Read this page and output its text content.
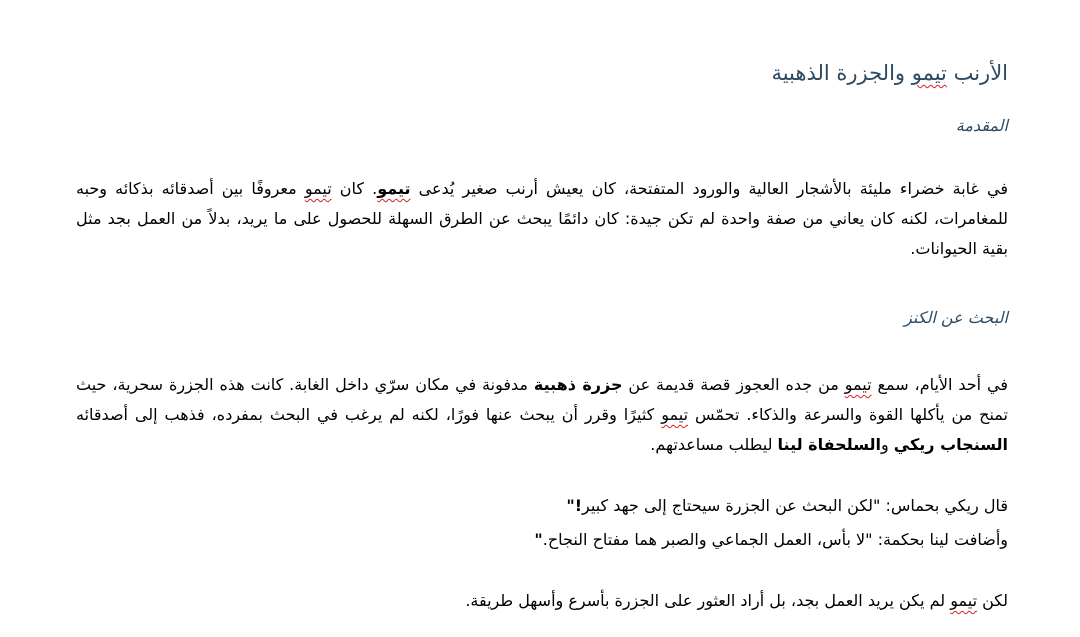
الأرنب تيمو والجزرة الذهبية
المقدمة
في غابة خضراء مليئة بالأشجار العالية والورود المتفتحة، كان يعيش أرنب صغير يُدعى تيمو. كان تيمو معروفًا بين أصدقائه بذكائه وحبه للمغامرات، لكنه كان يعاني من صفة واحدة لم تكن جيدة: كان دائمًا يبحث عن الطرق السهلة للحصول على ما يريد، بدلاً من العمل بجد مثل بقية الحيوانات.
البحث عن الكنز
في أحد الأيام، سمع تيمو من جده العجوز قصة قديمة عن جزرة ذهبية مدفونة في مكان سرّي داخل الغابة. كانت هذه الجزرة سحرية، حيث تمنح من يأكلها القوة والسرعة والذكاء. تحمّس تيمو كثيرًا وقرر أن يبحث عنها فورًا، لكنه لم يرغب في البحث بمفرده، فذهب إلى أصدقائه السنجاب ريكي والسلحفاة لينا ليطلب مساعدتهم.
قال ريكي بحماس: "لكن البحث عن الجزرة سيحتاج إلى جهد كبير!"
وأضافت لينا بحكمة: "لا بأس، العمل الجماعي والصبر هما مفتاح النجاح."
لكن تيمو لم يكن يريد العمل بجد، بل أراد العثور على الجزرة بأسرع وأسهل طريقة.
